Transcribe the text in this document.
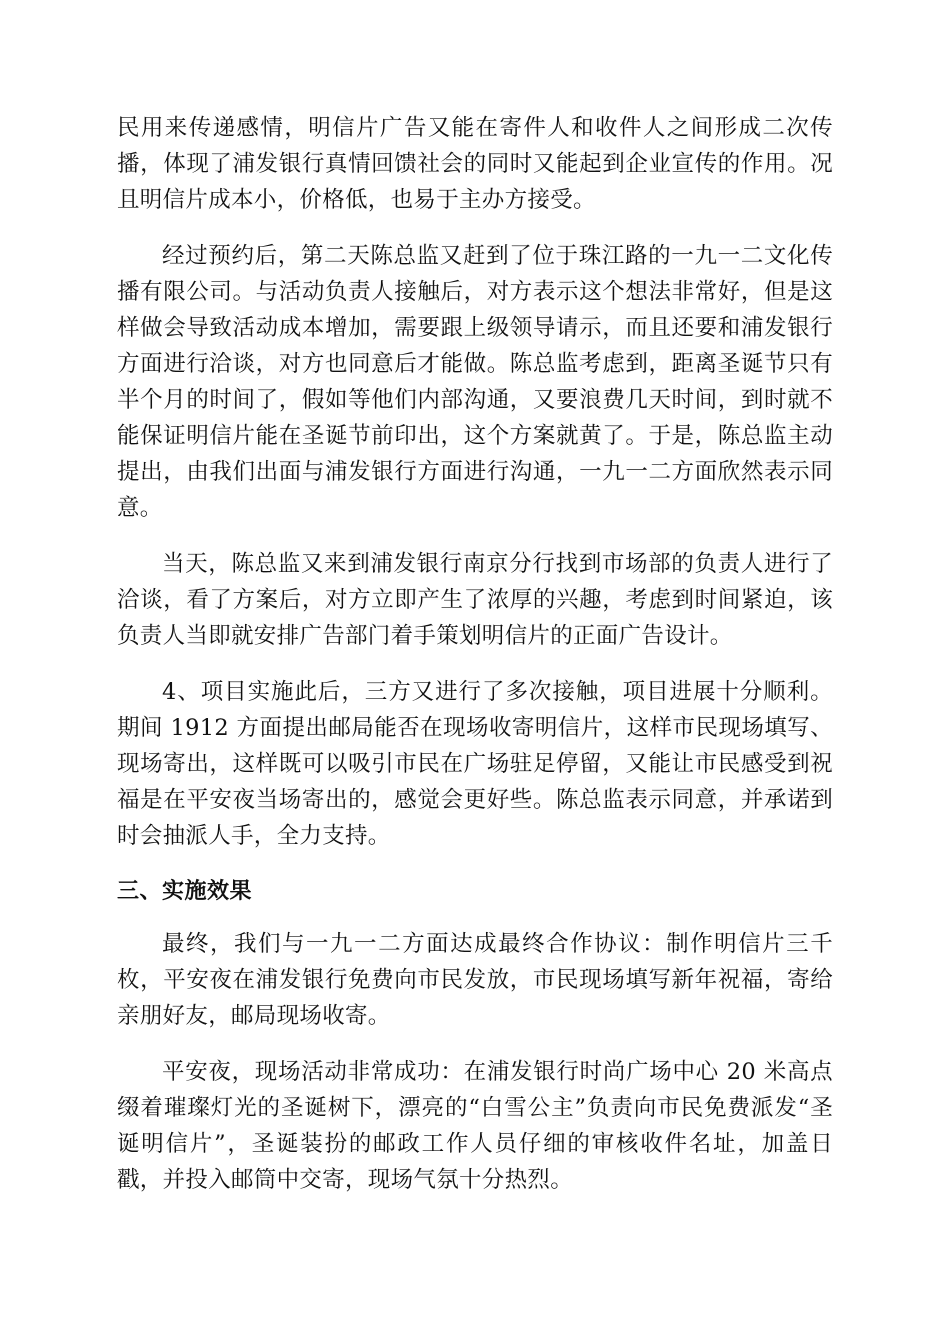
民用来传递感情，明信片广告又能在寄件人和收件人之间形成二次传播，体现了浦发银行真情回馈社会的同时又能起到企业宣传的作用。况且明信片成本小，价格低，也易于主办方接受。

经过预约后，第二天陈总监又赶到了位于珠江路的一九一二文化传播有限公司。与活动负责人接触后，对方表示这个想法非常好，但是这样做会导致活动成本增加，需要跟上级领导请示，而且还要和浦发银行方面进行洽谈，对方也同意后才能做。陈总监考虑到，距离圣诞节只有半个月的时间了，假如等他们内部沟通，又要浪费几天时间，到时就不能保证明信片能在圣诞节前印出，这个方案就黄了。于是，陈总监主动提出，由我们出面与浦发银行方面进行沟通，一九一二方面欣然表示同意。

当天，陈总监又来到浦发银行南京分行找到市场部的负责人进行了洽谈，看了方案后，对方立即产生了浓厚的兴趣，考虑到时间紧迫，该负责人当即就安排广告部门着手策划明信片的正面广告设计。

4、项目实施此后，三方又进行了多次接触，项目进展十分顺利。期间 1912 方面提出邮局能否在现场收寄明信片，这样市民现场填写、现场寄出，这样既可以吸引市民在广场驻足停留，又能让市民感受到祝福是在平安夜当场寄出的，感觉会更好些。陈总监表示同意，并承诺到时会抽派人手，全力支持。

三、实施效果

最终，我们与一九一二方面达成最终合作协议：制作明信片三千枚，平安夜在浦发银行免费向市民发放，市民现场填写新年祝福，寄给亲朋好友，邮局现场收寄。

平安夜，现场活动非常成功：在浦发银行时尚广场中心 20 米高点缀着璀璨灯光的圣诞树下，漂亮的“白雪公主”负责向市民免费派发“圣诞明信片”，圣诞装扮的邮政工作人员仔细的审核收件名址，加盖日戳，并投入邮筒中交寄，现场气氛十分热烈。
